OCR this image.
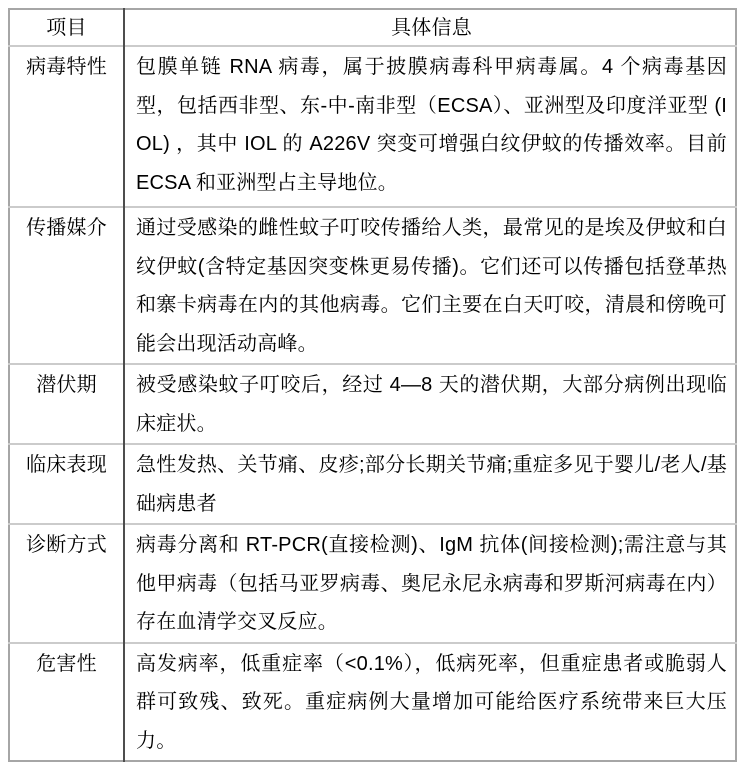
项目	具体信息
病毒特性	包膜单链 RNA 病毒，属于披膜病毒科甲病毒属。4 个病毒基因型，包括西非型、东-中-南非型（ECSA）、亚洲型及印度洋亚型 (IOL) ，其中 IOL 的 A226V 突变可增强白纹伊蚊的传播效率。目前 ECSA 和亚洲型占主导地位。
传播媒介	通过受感染的雌性蚊子叮咬传播给人类，最常见的是埃及伊蚊和白纹伊蚊(含特定基因突变株更易传播)。它们还可以传播包括登革热和寨卡病毒在内的其他病毒。它们主要在白天叮咬，清晨和傍晚可能会出现活动高峰。
潜伏期	被受感染蚊子叮咬后，经过 4—8 天的潜伏期，大部分病例出现临床症状。
临床表现	急性发热、关节痛、皮疹;部分长期关节痛;重症多见于婴儿/老人/基础病患者
诊断方式	病毒分离和 RT-PCR(直接检测)、IgM 抗体(间接检测);需注意与其他甲病毒（包括马亚罗病毒、奥尼永尼永病毒和罗斯河病毒在内）存在血清学交叉反应。
危害性	高发病率，低重症率（<0.1%），低病死率，但重症患者或脆弱人群可致残、致死。重症病例大量增加可能给医疗系统带来巨大压力。
